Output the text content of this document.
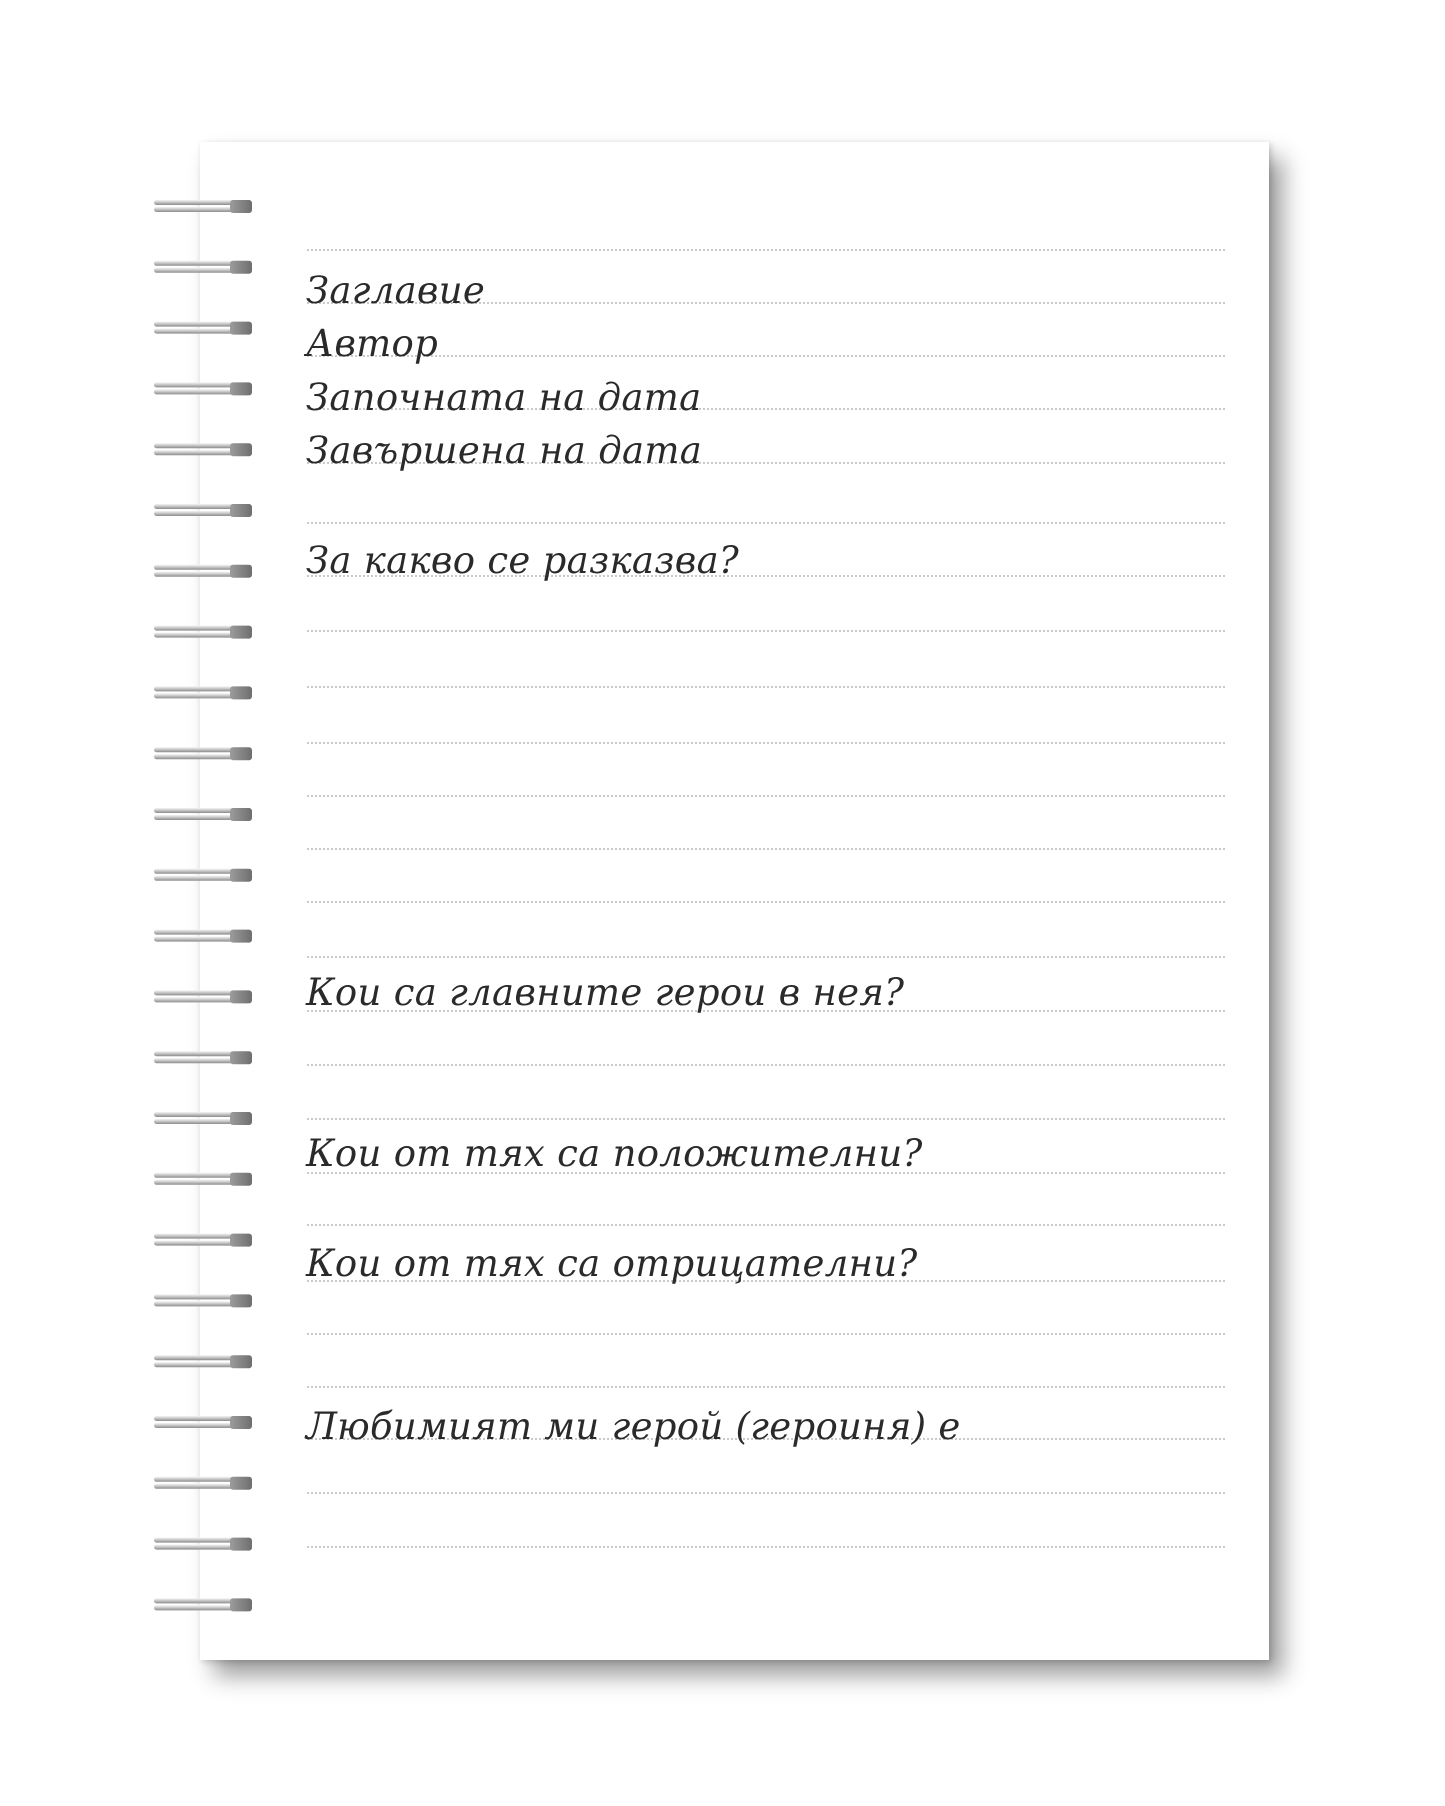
Заглавие
Автор
Започната на дата
Завършена на дата
За какво се разказва?
Кои са главните герои в нея?
Кои от тях са положителни?
Кои от тях са отрицателни?
Любимият ми герой (героиня) е
